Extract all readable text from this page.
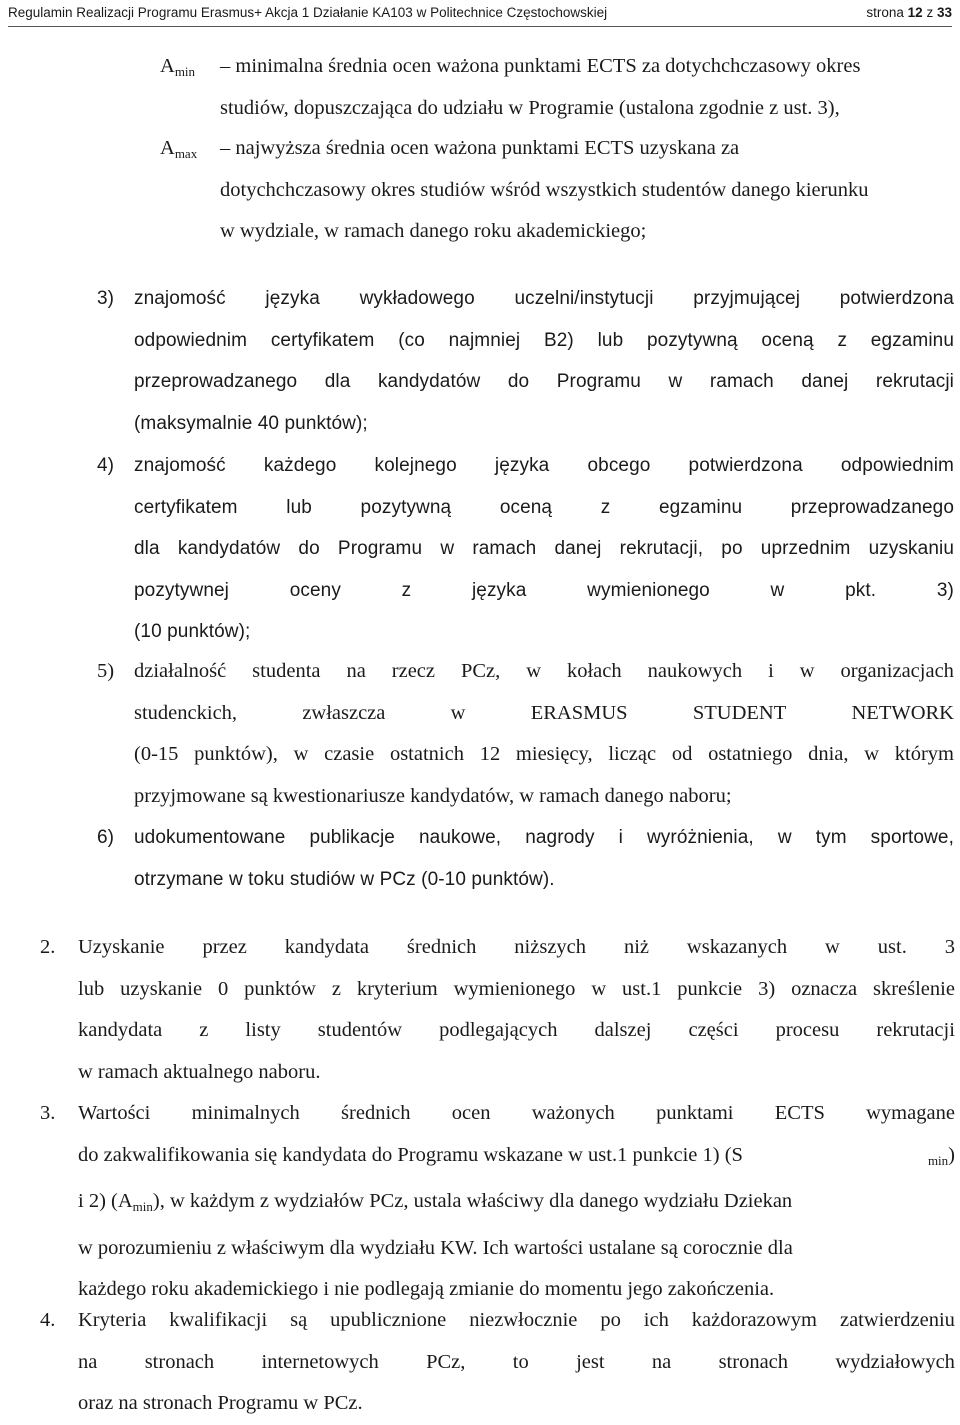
Regulamin Realizacji Programu Erasmus+ Akcja 1 Działanie KA103 w Politechnice Częstochowskiej	strona 12 z 33
$A_{min}$ – minimalna średnia ocen ważona punktami ECTS za dotychchczasowy okres
studiów, dopuszczająca do udziału w Programie (ustalona zgodnie z ust. 3),
$A_{max}$ – najwyższa średnia ocen ważona punktami ECTS uzyskana za
dotychchczasowy okres studiów wśród wszystkich studentów danego kierunku
w wydziale, w ramach danego roku akademickiego;
3) znajomość języka wykładowego uczelni/instytucji przyjmującej potwierdzona
odpowiednim certyfikatem (co najmniej B2) lub pozytywną oceną z egzaminu
przeprowadzanego dla kandydatów do Programu w ramach danej rekrutacji
(maksymalnie 40 punktów);
4) znajomość każdego kolejnego języka obcego potwierdzona odpowiednim
certyfikatem	lub	pozytywną	oceną	z	egzaminu	przeprowadzanego
dla kandydatów do Programu w ramach danej rekrutacji, po uprzednim uzyskaniu
pozytywnej	oceny	z	języka	wymienionego	w	pkt.	3)
(10 punktów);
5) działalność studenta na rzecz PCz, w kołach naukowych i w organizacjach
studenckich,	zwłaszcza	w	ERASMUS	STUDENT	NETWORK
(0-15 punktów), w czasie ostatnich 12 miesięcy, licząc od ostatniego dnia, w którym
przyjmowane są kwestionariusze kandydatów, w ramach danego naboru;
6) udokumentowane publikacje naukowe, nagrody i wyróżnienia, w tym sportowe,
otrzymane w toku studiów w PCz (0-10 punktów).
2. Uzyskanie przez kandydata średnich niższych niż wskazanych w ust. 3
lub uzyskanie 0 punktów z kryterium wymienionego w ust.1 punkcie 3) oznacza skreślenie
kandydata z listy studentów podlegających dalszej części procesu rekrutacji
w ramach aktualnego naboru.
3. Wartości minimalnych średnich ocen ważonych punktami ECTS wymagane
do zakwalifikowania się kandydata do Programu wskazane w ust.1 punkcie 1) (S	$_{min}$)
i 2) $(A_{min})$, w każdym z wydziałów PCz, ustala właściwy dla danego wydziału Dziekan
w porozumieniu z właściwym dla wydziału KW. Ich wartości ustalane są corocznie dla
każdego roku akademickiego i nie podlegają zmianie do momentu jego zakończenia.
4. Kryteria kwalifikacji są upublicznione niezwłocznie po ich każdorazowym zatwierdzeniu
na stronach internetowych PCz, to jest na stronach wydziałowych
oraz na stronach Programu w PCz.
